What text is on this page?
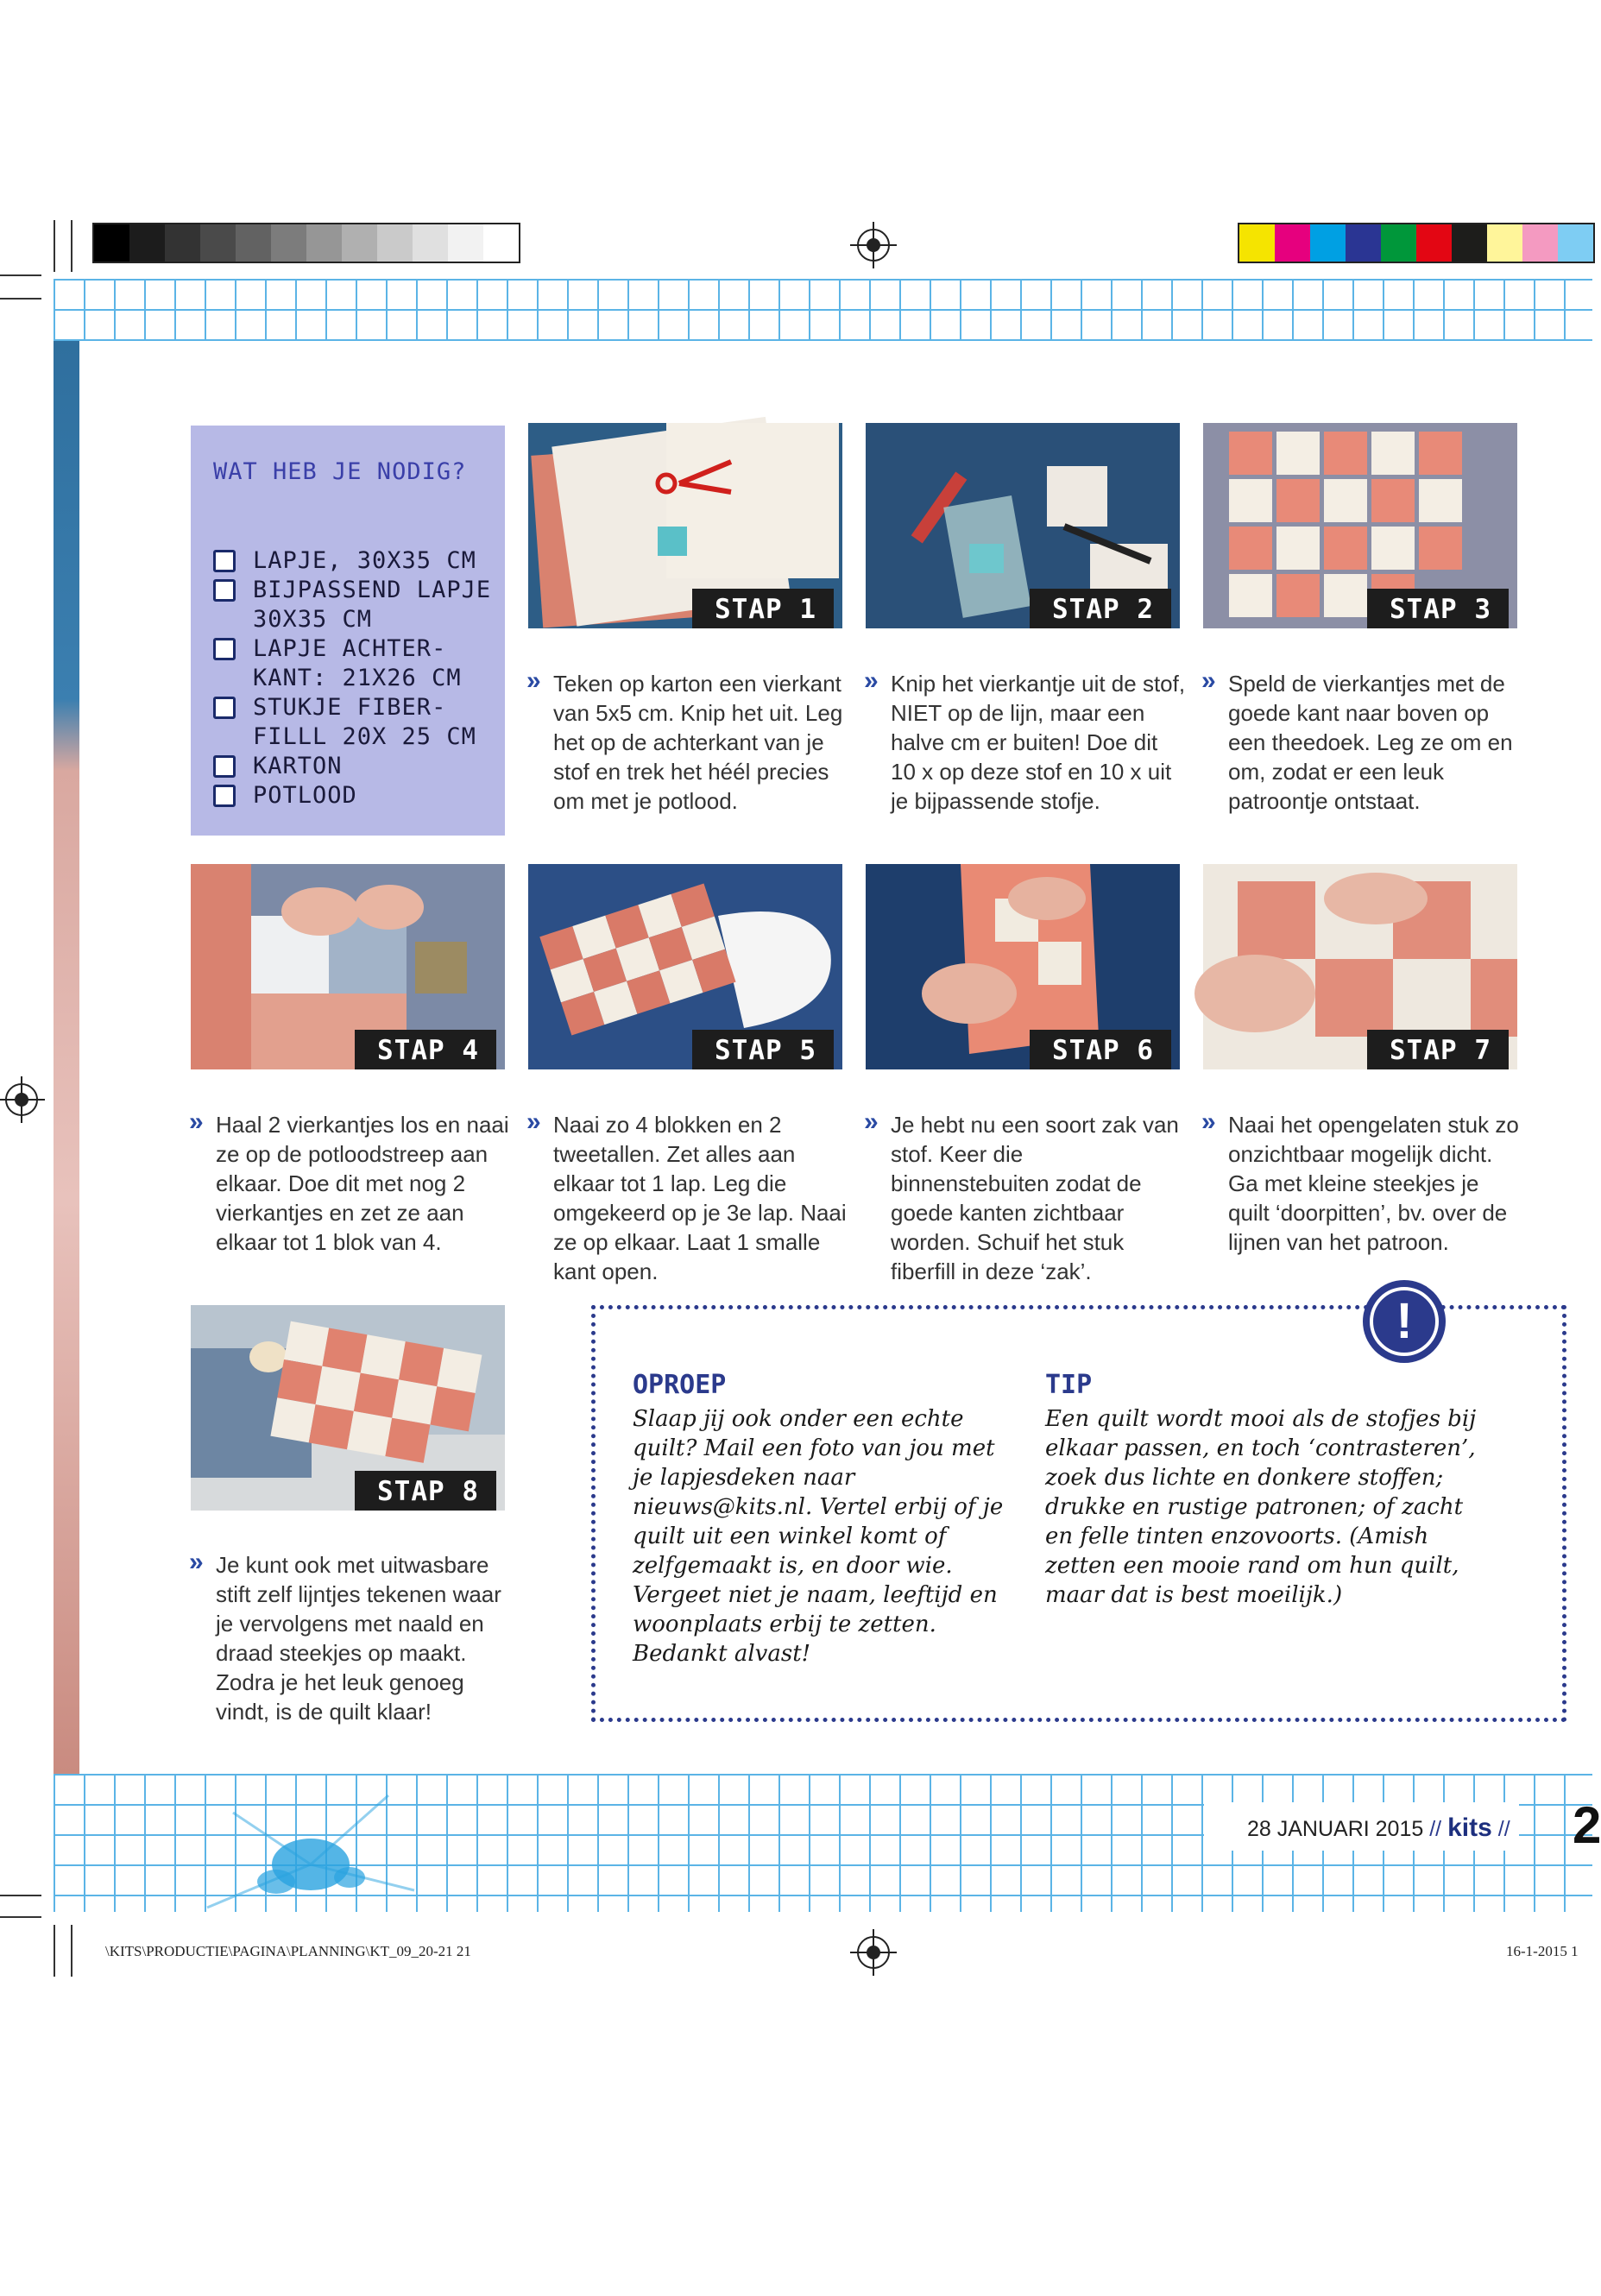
WAT HEB JE NODIG?
LAPJE, 30X35 CM
BIJPASSEND LAPJE 30X35 CM
LAPJE ACHTER-KANT: 21X26 CM
STUKJE FIBER-FILLL 20X 25 CM
KARTON
POTLOOD
STAP 1	STAP 2	STAP 3
» Teken op karton een vierkant van 5x5 cm. Knip het uit. Leg het op de achterkant van je stof en trek het héél precies om met je potlood.

» Knip het vierkantje uit de stof, NIET op de lijn, maar een halve cm er buiten! Doe dit 10 x op deze stof en 10 x uit je bijpassende stofje.

» Speld de vierkantjes met de goede kant naar boven op een theedoek. Leg ze om en om, zodat er een leuk patroontje ontstaat.

STAP 4	STAP 5	STAP 6	STAP 7
» Haal 2 vierkantjes los en naai ze op de potloodstreep aan elkaar. Doe dit met nog 2 vierkantjes en zet ze aan elkaar tot 1 blok van 4.

» Naai zo 4 blokken en 2 tweetallen. Zet alles aan elkaar tot 1 lap. Leg die omgekeerd op je 3e lap. Naai ze op elkaar. Laat 1 smalle kant open.

» Je hebt nu een soort zak van stof. Keer die binnenstebuiten zodat de goede kanten zichtbaar worden. Schuif het stuk fiberfill in deze ‘zak’.

» Naai het opengelaten stuk zo onzichtbaar mogelijk dicht. Ga met kleine steekjes je quilt ‘doorpitten’, bv. over de lijnen van het patroon.

STAP 8
» Je kunt ook met uitwasbare stift zelf lijntjes tekenen waar je vervolgens met naald en draad steekjes op maakt. Zodra je het leuk genoeg vindt, is de quilt klaar!

!
OPROEP
Slaap jij ook onder een echte quilt? Mail een foto van jou met je lapjesdeken naar nieuws@kits.nl. Vertel erbij of je quilt uit een winkel komt of zelfgemaakt is, en door wie. Vergeet niet je naam, leeftijd en woonplaats erbij te zetten. Bedankt alvast!
TIP
Een quilt wordt mooi als de stofjes bij elkaar passen, en toch ‘contrasteren’, zoek dus lichte en donkere stoffen; drukke en rustige patronen; of zacht en felle tinten enzovoorts. (Amish zetten een mooie rand om hun quilt, maar dat is best moeilijk.)
28 JANUARI 2015 // kits // 2
\KITS\PRODUCTIE\PAGINA\PLANNING\KT_09_20-21 21	16-1-2015 1
